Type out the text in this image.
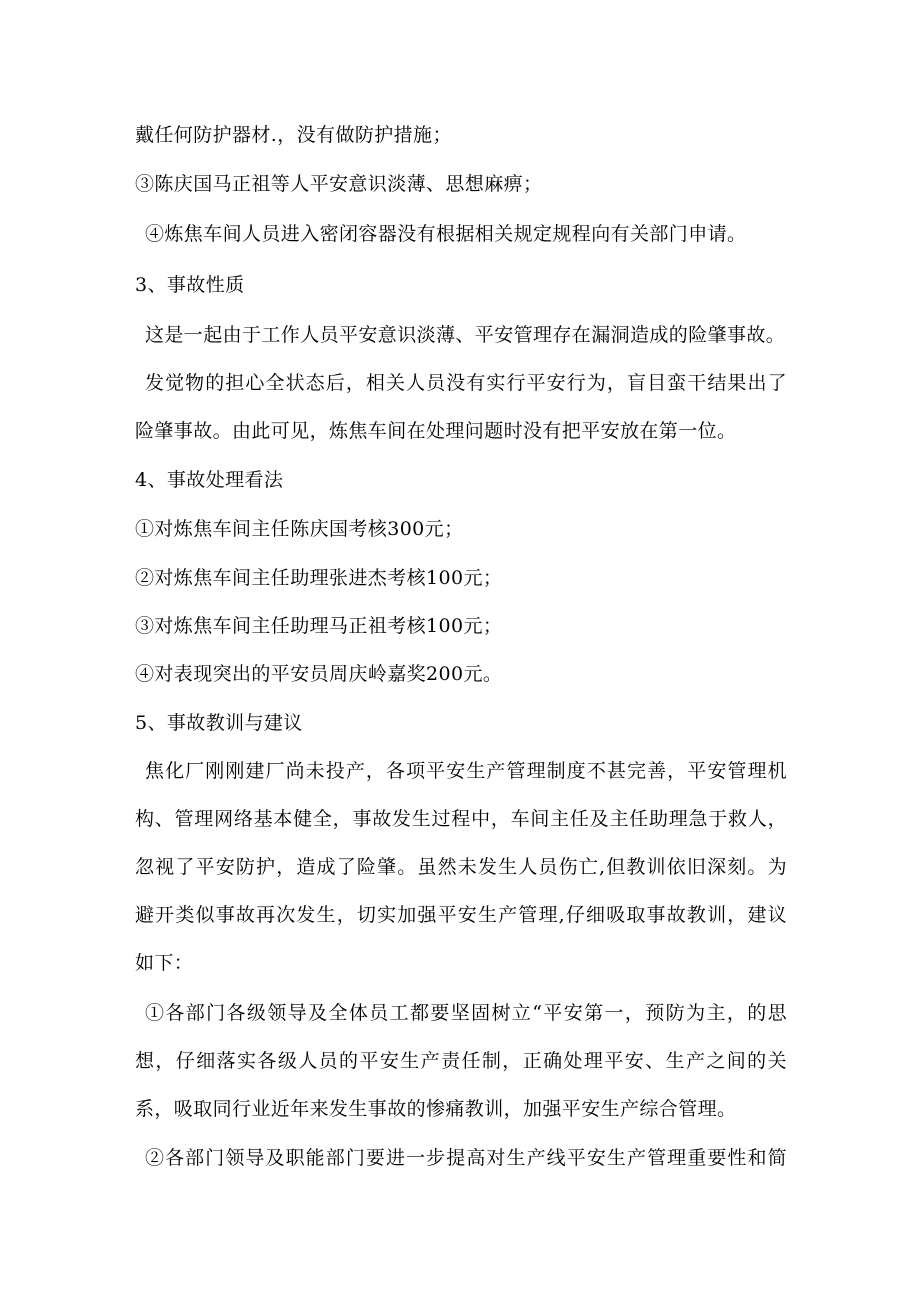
戴任何防护器材.，没有做防护措施；
③陈庆国马正祖等人平安意识淡薄、思想麻痹；
④炼焦车间人员进入密闭容器没有根据相关规定规程向有关部门申请。
3、事故性质
这是一起由于工作人员平安意识淡薄、平安管理存在漏洞造成的险肇事故。
发觉物的担心全状态后，相关人员没有实行平安行为，盲目蛮干结果出了
险肇事故。由此可见，炼焦车间在处理问题时没有把平安放在第一位。
4、事故处理看法
①对炼焦车间主任陈庆国考核300元；
②对炼焦车间主任助理张进杰考核100元；
③对炼焦车间主任助理马正祖考核100元；
④对表现突出的平安员周庆岭嘉奖200元。
5、事故教训与建议
焦化厂刚刚建厂尚未投产，各项平安生产管理制度不甚完善，平安管理机
构、管理网络基本健全，事故发生过程中，车间主任及主任助理急于救人，
忽视了平安防护，造成了险肇。虽然未发生人员伤亡,但教训依旧深刻。为
避开类似事故再次发生，切实加强平安生产管理,仔细吸取事故教训，建议
如下：
①各部门各级领导及全体员工都要坚固树立“平安第一，预防为主，的思
想，仔细落实各级人员的平安生产责任制，正确处理平安、生产之间的关
系，吸取同行业近年来发生事故的惨痛教训，加强平安生产综合管理。
②各部门领导及职能部门要进一步提高对生产线平安生产管理重要性和简
